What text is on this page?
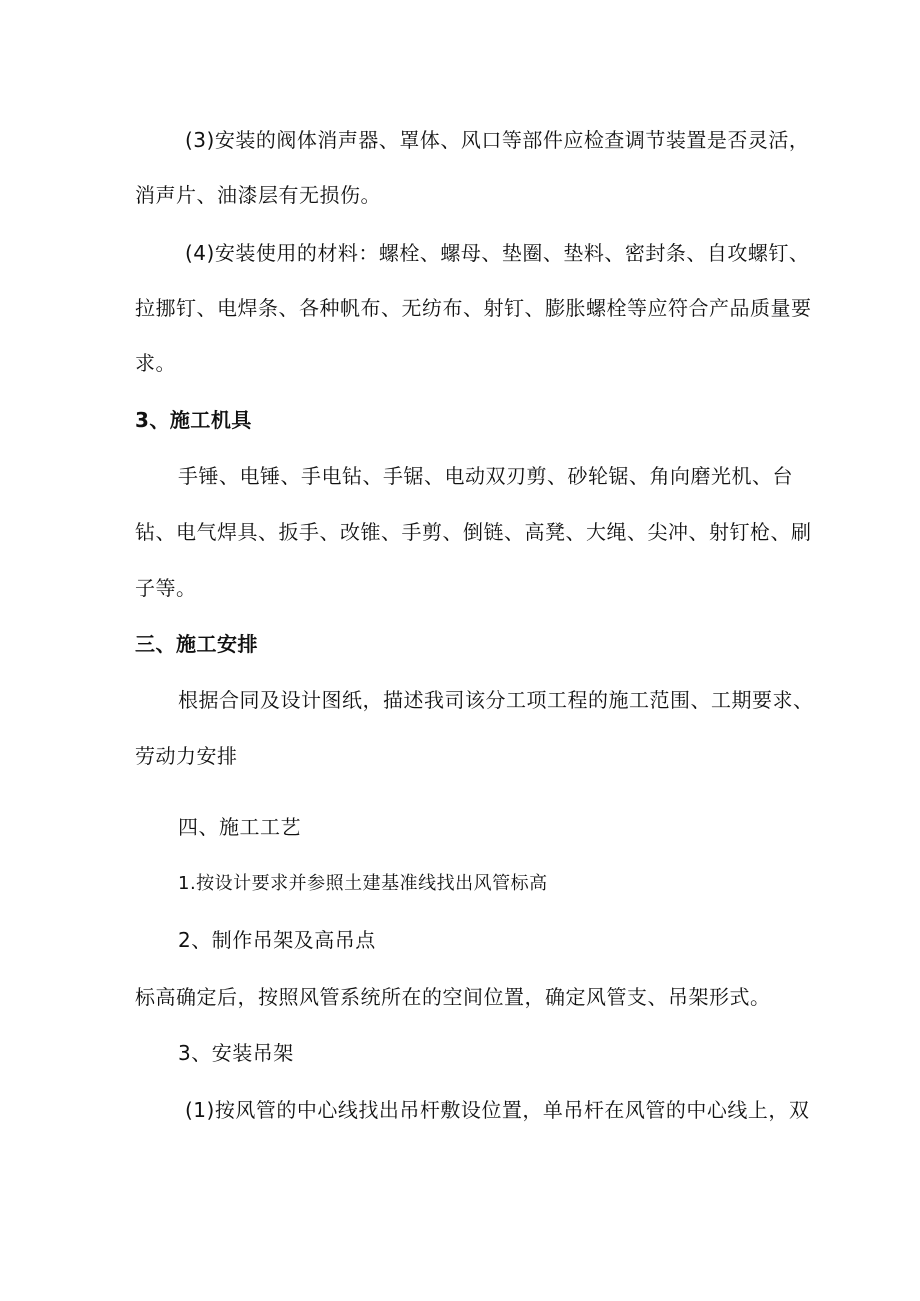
(3)安装的阀体消声器、罩体、风口等部件应检查调节装置是否灵活，
消声片、油漆层有无损伤。
(4)安装使用的材料：螺栓、螺母、垫圈、垫料、密封条、自攻螺钉、
拉挪钉、电焊条、各种帆布、无纺布、射钉、膨胀螺栓等应符合产品质量要
求。
3、施工机具
手锤、电锤、手电钻、手锯、电动双刃剪、砂轮锯、角向磨光机、台
钻、电气焊具、扳手、改锥、手剪、倒链、高凳、大绳、尖冲、射钉枪、刷
子等。
三、施工安排
根据合同及设计图纸，描述我司该分工项工程的施工范围、工期要求、
劳动力安排
四、施工工艺
1.按设计要求并参照土建基准线找出风管标高
2、制作吊架及高吊点
标高确定后，按照风管系统所在的空间位置，确定风管支、吊架形式。
3、安装吊架
(1)按风管的中心线找出吊杆敷设位置，单吊杆在风管的中心线上，双
